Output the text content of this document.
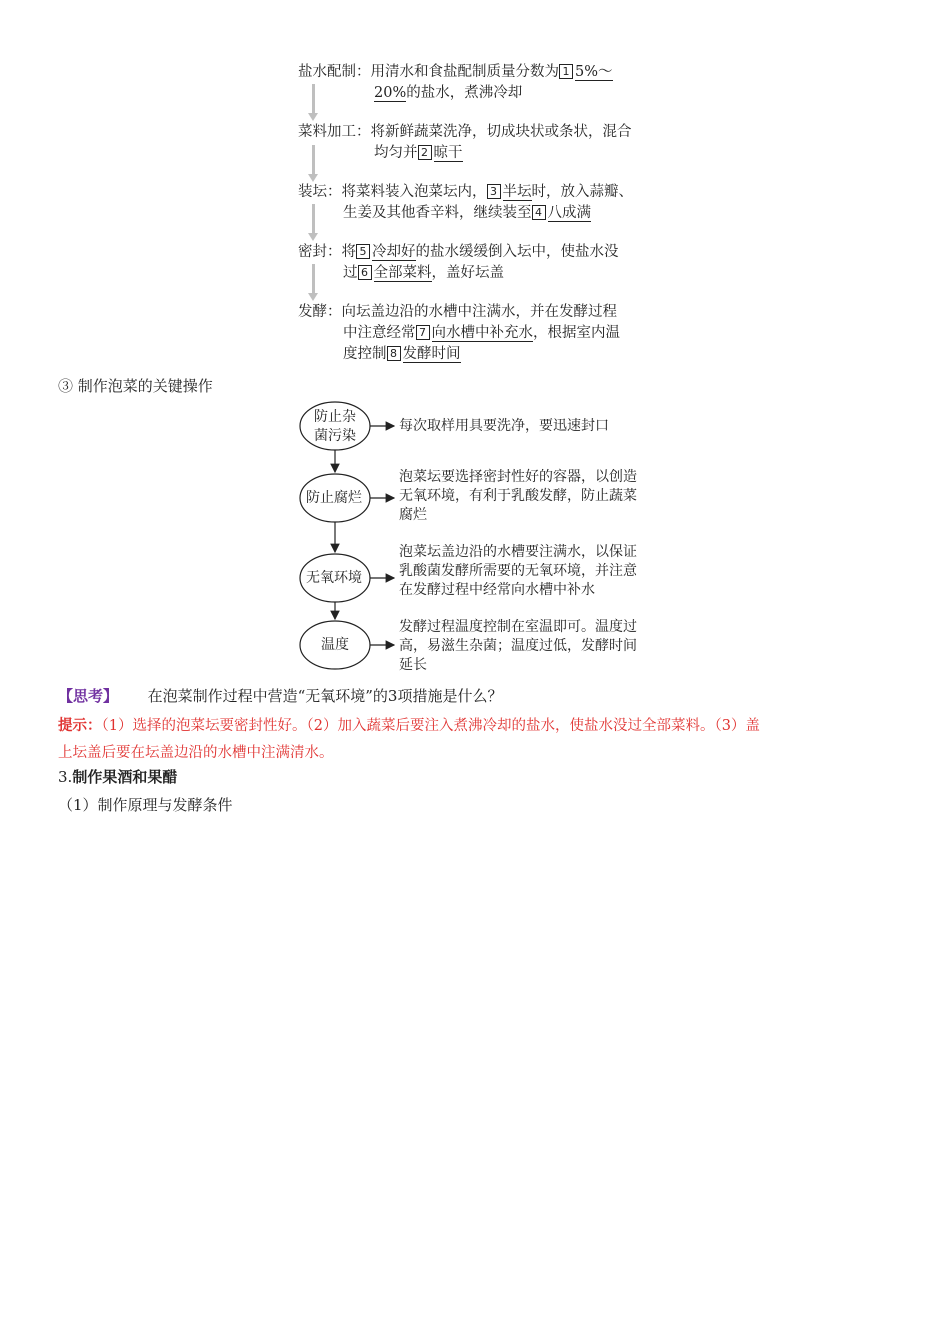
盐水配制：用清水和食盐配制质量分数为 1 5%～
20%的盐水，煮沸冷却
菜料加工：将新鲜蔬菜洗净，切成块状或条状，混合
均匀并 2 晾干
装坛：将菜料装入泡菜坛内， 3 半坛时，放入蒜瓣、
生姜及其他香辛料，继续装至 4 八成满
密封：将 5 冷却好的盐水缓缓倒入坛中，使盐水没
过 6 全部菜料，盖好坛盖
发酵：向坛盖边沿的水槽中注满水，并在发酵过程
中注意经常 7 向水槽中补充水，根据室内温
度控制 8 发酵时间
③ 制作泡菜的关键操作
防止杂
菌污染
防止腐烂
无氧环境
温度
每次取样用具要洗净，要迅速封口
泡菜坛要选择密封性好的容器，以创造
无氧环境，有利于乳酸发酵，防止蔬菜
腐烂
泡菜坛盖边沿的水槽要注满水，以保证
乳酸菌发酵所需要的无氧环境，并注意
在发酵过程中经常向水槽中补水
发酵过程温度控制在室温即可。温度过
高，易滋生杂菌；温度过低，发酵时间
延长
【思考】 在泡菜制作过程中营造“无氧环境”的3项措施是什么？
提示：（1）选择的泡菜坛要密封性好。（2）加入蔬菜后要注入煮沸冷却的盐水，使盐水没过全部菜料。（3）盖
上坛盖后要在坛盖边沿的水槽中注满清水。
3.制作果酒和果醋
（1）制作原理与发酵条件
